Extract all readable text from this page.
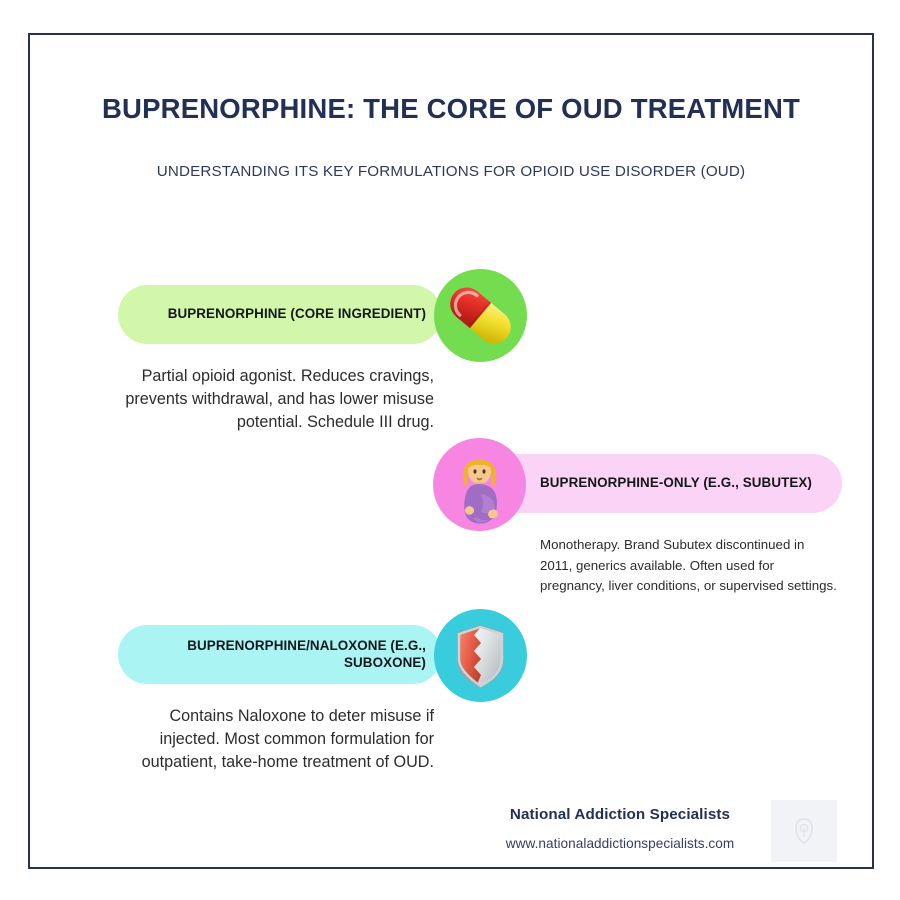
BUPRENORPHINE: THE CORE OF OUD TREATMENT
UNDERSTANDING ITS KEY FORMULATIONS FOR OPIOID USE DISORDER (OUD)
BUPRENORPHINE (CORE INGREDIENT)
Partial opioid agonist. Reduces cravings, prevents withdrawal, and has lower misuse potential. Schedule III drug.
BUPRENORPHINE-ONLY (E.G., SUBUTEX)
Monotherapy. Brand Subutex discontinued in 2011, generics available. Often used for pregnancy, liver conditions, or supervised settings.
BUPRENORPHINE/NALOXONE (E.G., SUBOXONE)
Contains Naloxone to deter misuse if injected. Most common formulation for outpatient, take-home treatment of OUD.
National Addiction Specialists
www.nationaladdictionspecialists.com
